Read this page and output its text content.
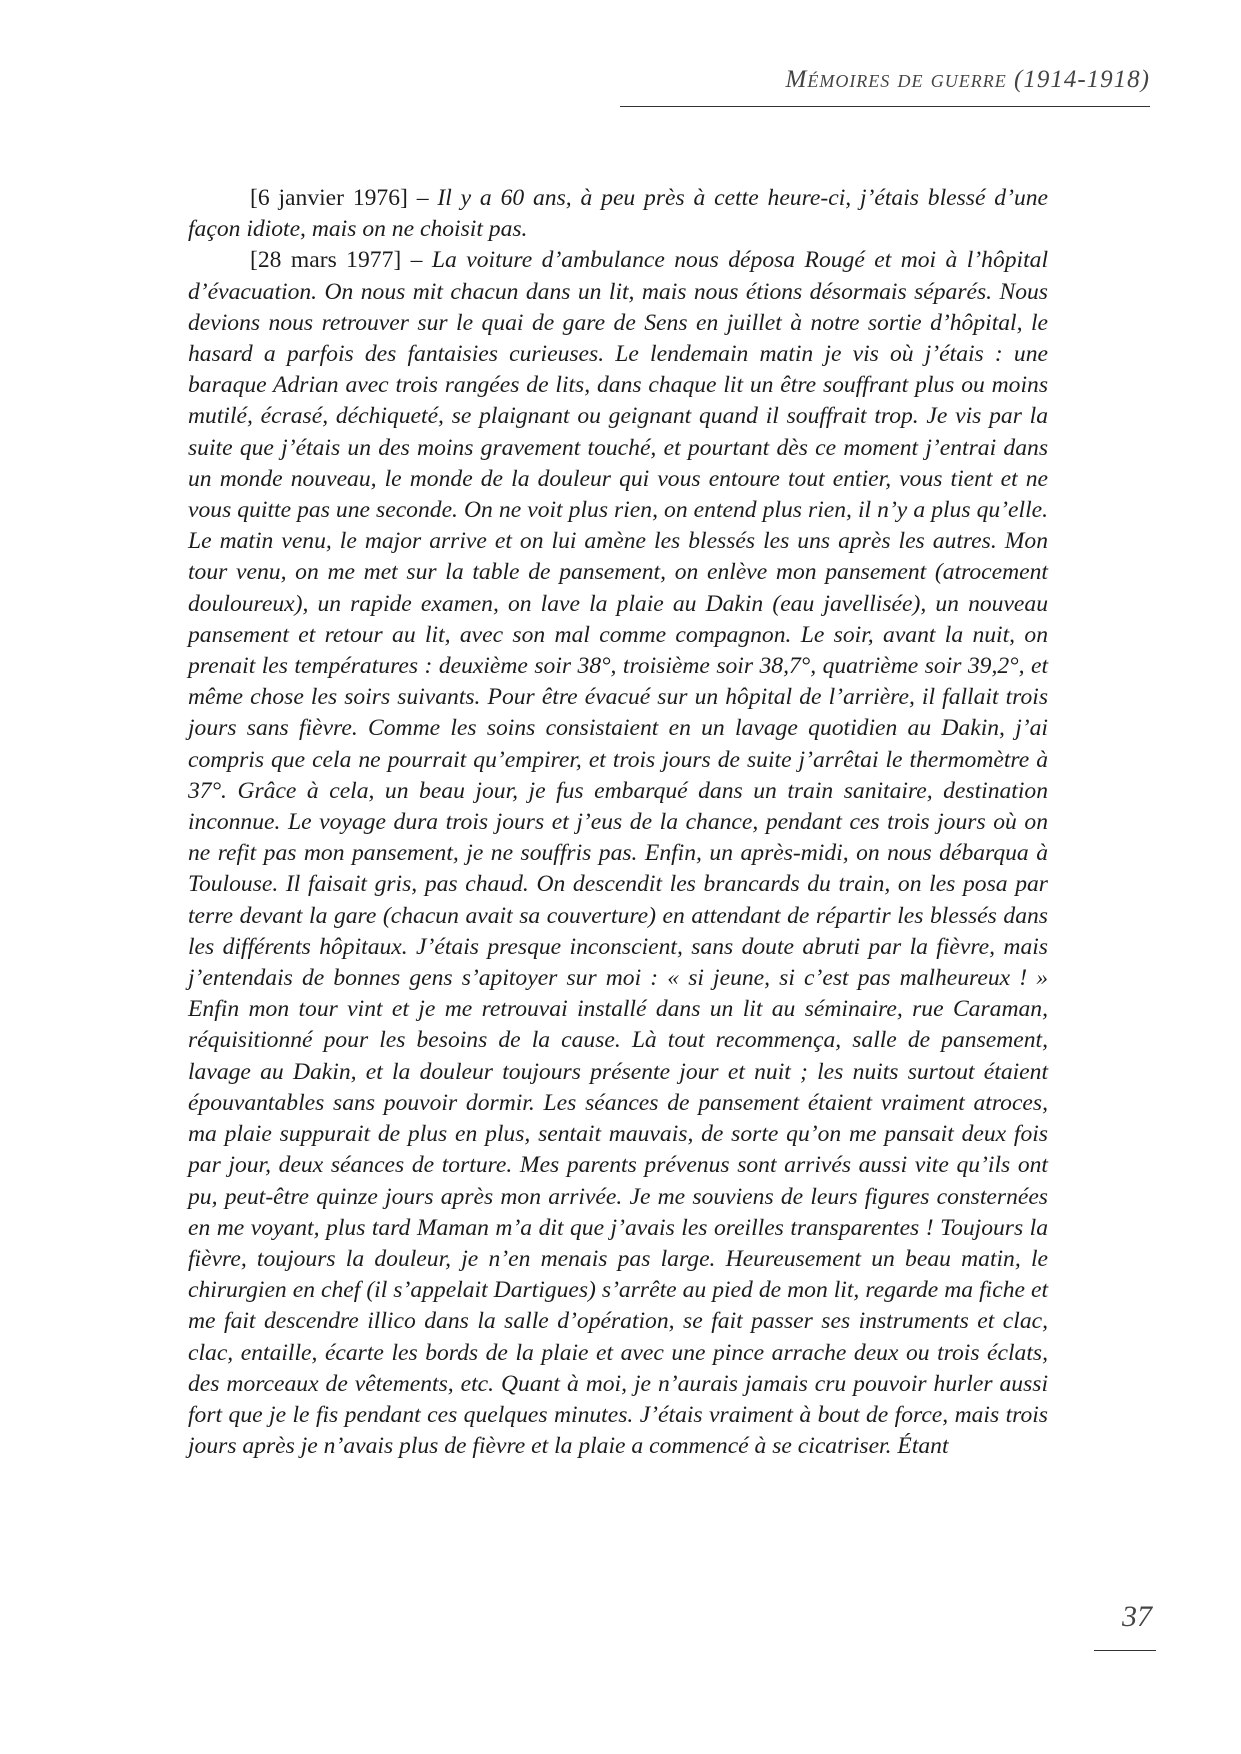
Mémoires de guerre (1914-1918)

[6 janvier 1976] – Il y a 60 ans, à peu près à cette heure-ci, j’étais blessé d’une façon idiote, mais on ne choisit pas.

[28 mars 1977] – La voiture d’ambulance nous déposa Rougé et moi à l’hôpital d’évacuation. On nous mit chacun dans un lit, mais nous étions désormais séparés. Nous devions nous retrouver sur le quai de gare de Sens en juillet à notre sortie d’hôpital, le hasard a parfois des fantaisies curieuses. Le lendemain matin je vis où j’étais : une baraque Adrian avec trois rangées de lits, dans chaque lit un être souffrant plus ou moins mutilé, écrasé, déchiqueté, se plaignant ou geignant quand il souffrait trop. Je vis par la suite que j’étais un des moins gravement touché, et pourtant dès ce moment j’entrai dans un monde nouveau, le monde de la douleur qui vous entoure tout entier, vous tient et ne vous quitte pas une seconde. On ne voit plus rien, on entend plus rien, il n’y a plus qu’elle. Le matin venu, le major arrive et on lui amène les blessés les uns après les autres. Mon tour venu, on me met sur la table de pansement, on enlève mon pansement (atrocement douloureux), un rapide examen, on lave la plaie au Dakin (eau javellisée), un nouveau pansement et retour au lit, avec son mal comme compagnon. Le soir, avant la nuit, on prenait les températures : deuxième soir 38°, troisième soir 38,7°, quatrième soir 39,2°, et même chose les soirs suivants. Pour être évacué sur un hôpital de l’arrière, il fallait trois jours sans fièvre. Comme les soins consistaient en un lavage quotidien au Dakin, j’ai compris que cela ne pourrait qu’empirer, et trois jours de suite j’arrêtai le thermomètre à 37°. Grâce à cela, un beau jour, je fus embarqué dans un train sanitaire, destination inconnue. Le voyage dura trois jours et j’eus de la chance, pendant ces trois jours où on ne refit pas mon pansement, je ne souffris pas. Enfin, un après-midi, on nous débarqua à Toulouse. Il faisait gris, pas chaud. On descendit les brancards du train, on les posa par terre devant la gare (chacun avait sa couverture) en attendant de répartir les blessés dans les différents hôpitaux. J’étais presque inconscient, sans doute abruti par la fièvre, mais j’entendais de bonnes gens s’apitoyer sur moi : « si jeune, si c’est pas malheureux ! » Enfin mon tour vint et je me retrouvai installé dans un lit au séminaire, rue Caraman, réquisitionné pour les besoins de la cause. Là tout recommença, salle de pansement, lavage au Dakin, et la douleur toujours présente jour et nuit ; les nuits surtout étaient épouvantables sans pouvoir dormir. Les séances de pansement étaient vraiment atroces, ma plaie suppurait de plus en plus, sentait mauvais, de sorte qu’on me pansait deux fois par jour, deux séances de torture. Mes parents prévenus sont arrivés aussi vite qu’ils ont pu, peut-être quinze jours après mon arrivée. Je me souviens de leurs figures consternées en me voyant, plus tard Maman m’a dit que j’avais les oreilles transparentes ! Toujours la fièvre, toujours la douleur, je n’en menais pas large. Heureusement un beau matin, le chirurgien en chef (il s’appelait Dartigues) s’arrête au pied de mon lit, regarde ma fiche et me fait descendre illico dans la salle d’opération, se fait passer ses instruments et clac, clac, entaille, écarte les bords de la plaie et avec une pince arrache deux ou trois éclats, des morceaux de vêtements, etc. Quant à moi, je n’aurais jamais cru pouvoir hurler aussi fort que je le fis pendant ces quelques minutes. J’étais vraiment à bout de force, mais trois jours après je n’avais plus de fièvre et la plaie a commencé à se cicatriser. Étant

37
